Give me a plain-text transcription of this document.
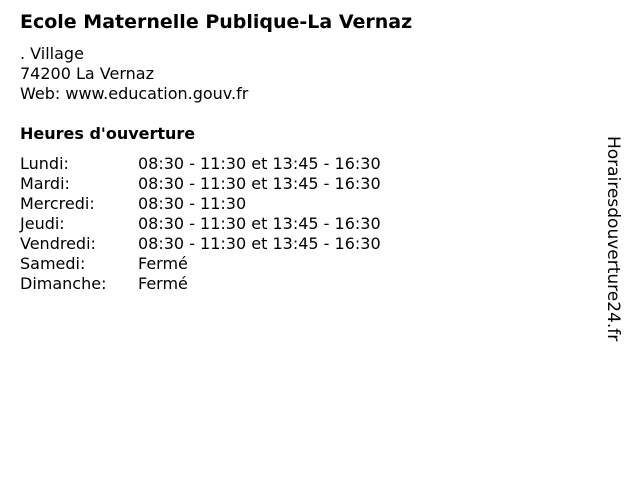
Ecole Maternelle Publique-La Vernaz
. Village
74200 La Vernaz
Web: www.education.gouv.fr
Heures d'ouverture
Lundi:	08:30 - 11:30 et 13:45 - 16:30
Mardi:	08:30 - 11:30 et 13:45 - 16:30
Mercredi:	08:30 - 11:30
Jeudi:	08:30 - 11:30 et 13:45 - 16:30
Vendredi:	08:30 - 11:30 et 13:45 - 16:30
Samedi:	Fermé
Dimanche:	Fermé	Horairesdouverture24.fr
